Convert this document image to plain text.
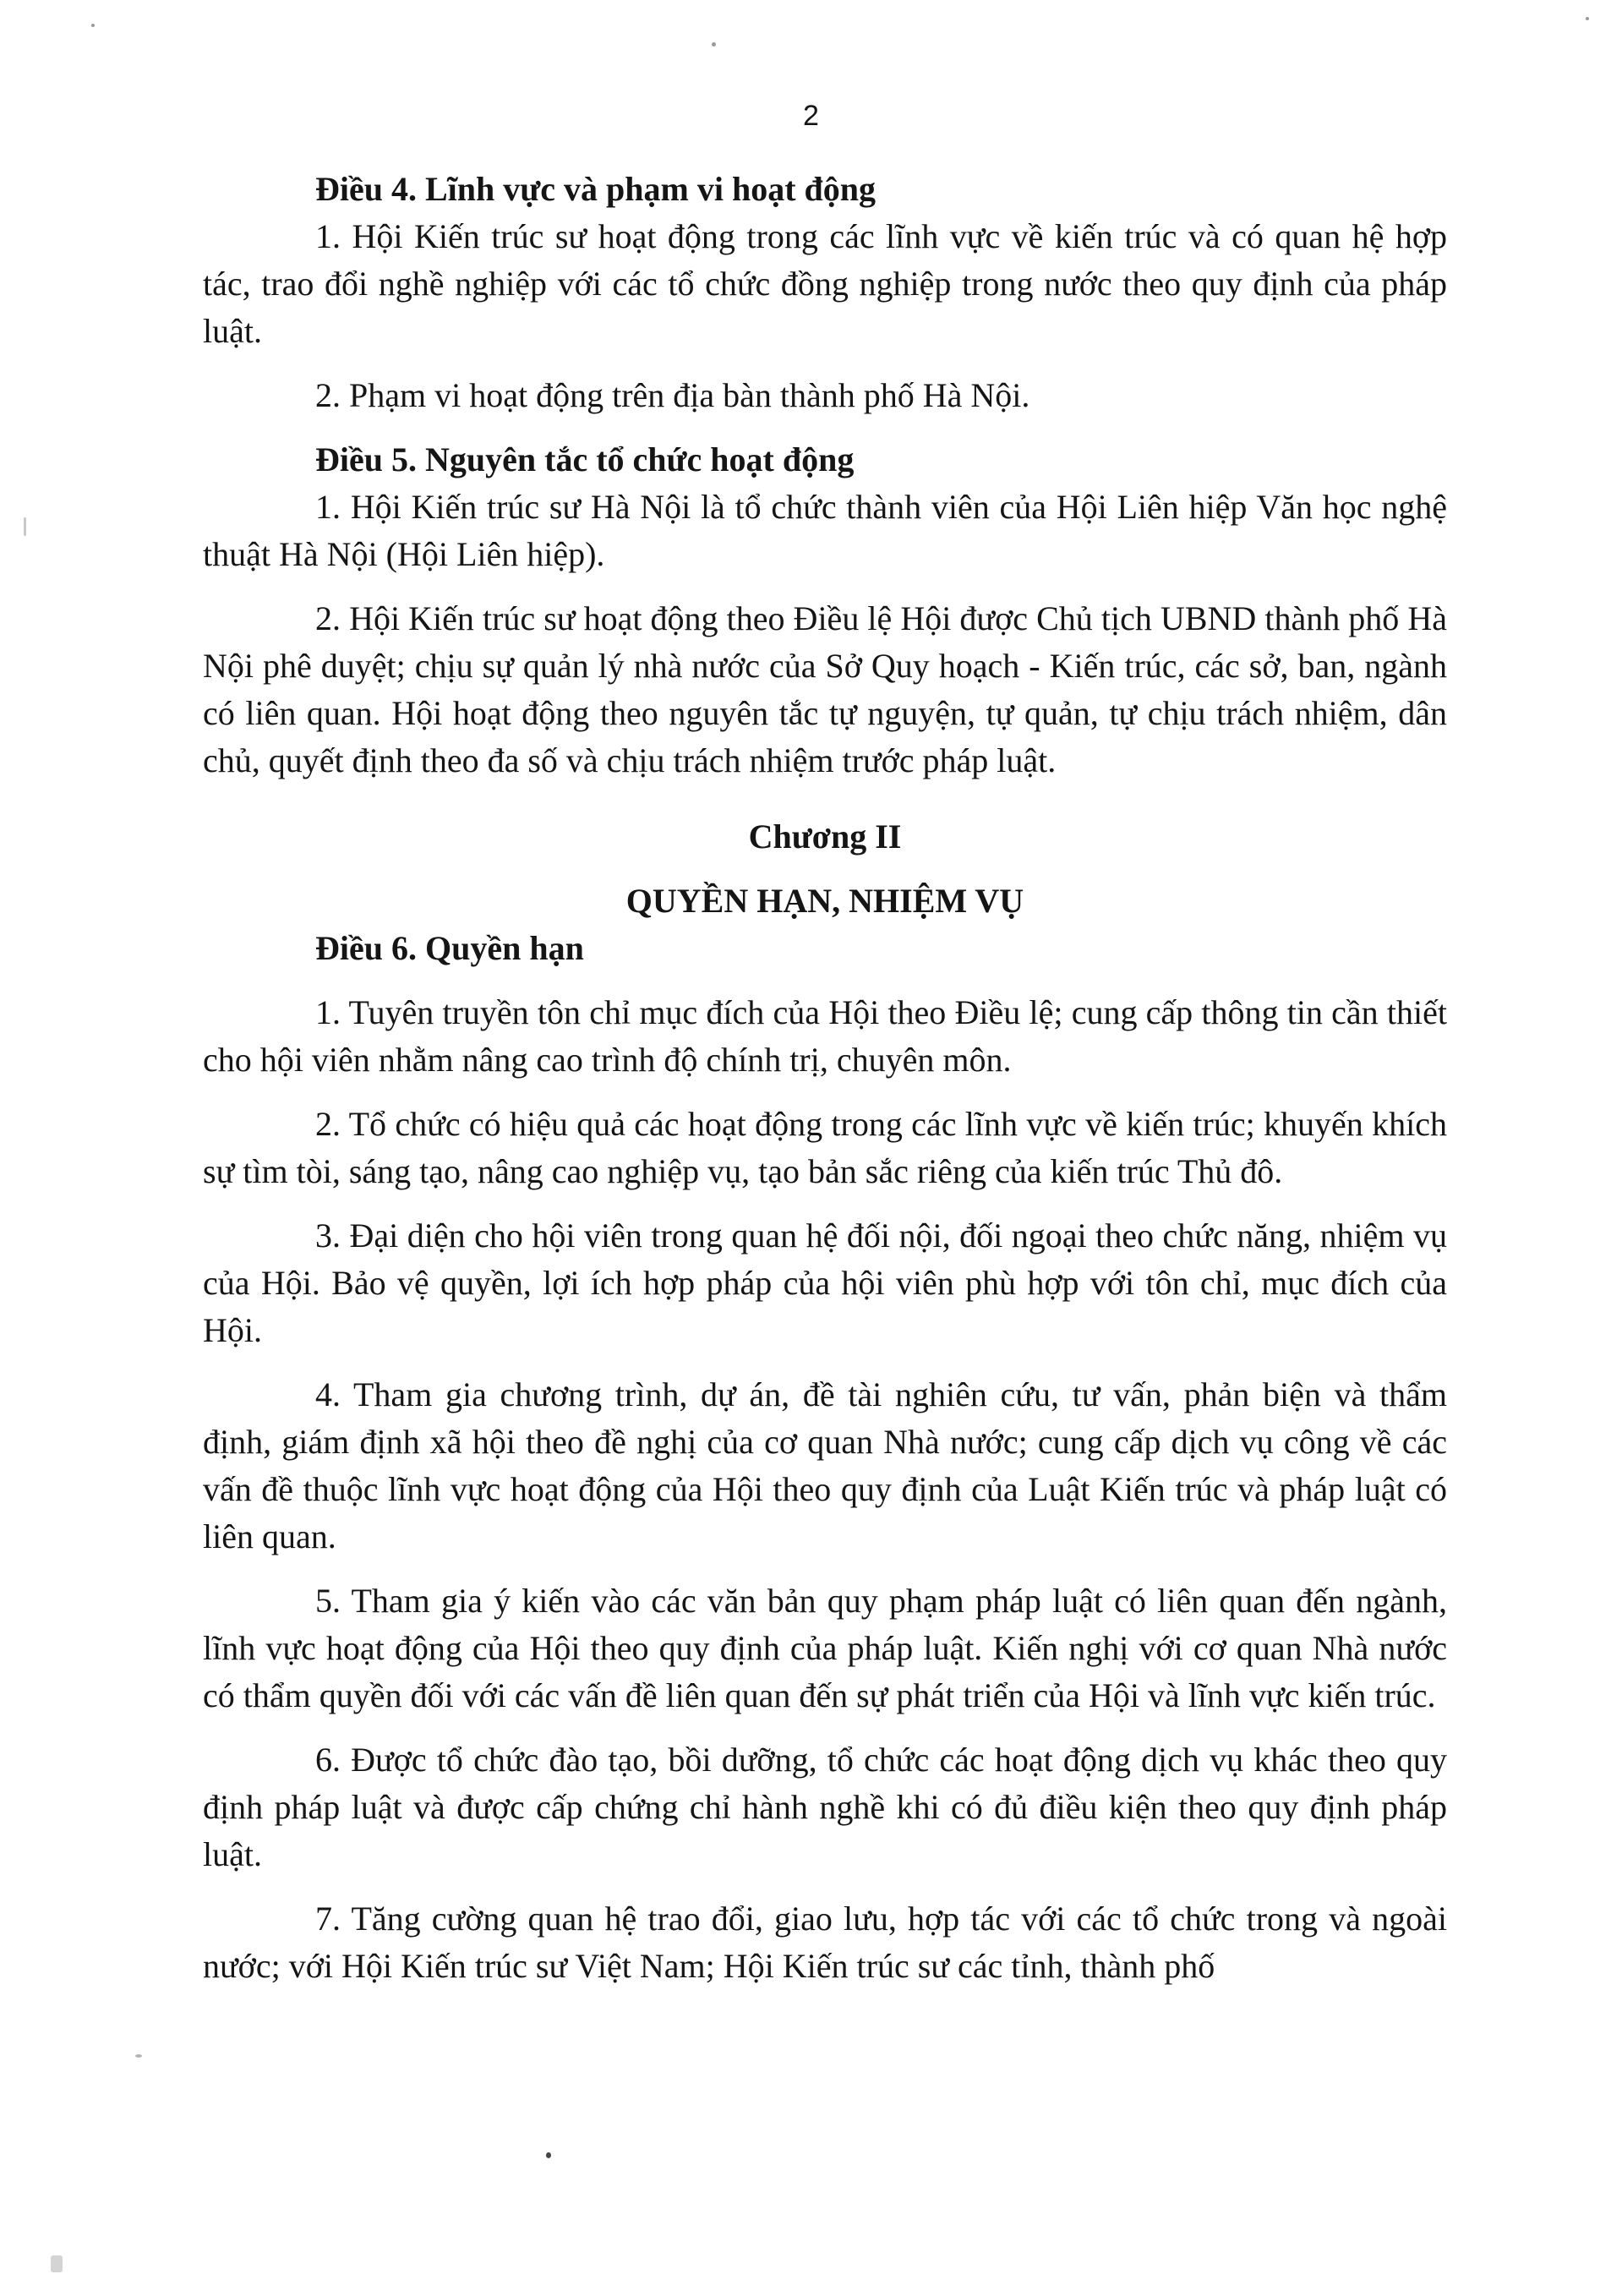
2

Điều 4. Lĩnh vực và phạm vi hoạt động

1. Hội Kiến trúc sư hoạt động trong các lĩnh vực về kiến trúc và có quan hệ hợp tác, trao đổi nghề nghiệp với các tổ chức đồng nghiệp trong nước theo quy định của pháp luật.

2. Phạm vi hoạt động trên địa bàn thành phố Hà Nội.

Điều 5. Nguyên tắc tổ chức hoạt động

1. Hội Kiến trúc sư Hà Nội là tổ chức thành viên của Hội Liên hiệp Văn học nghệ thuật Hà Nội (Hội Liên hiệp).

2. Hội Kiến trúc sư hoạt động theo Điều lệ Hội được Chủ tịch UBND thành phố Hà Nội phê duyệt; chịu sự quản lý nhà nước của Sở Quy hoạch - Kiến trúc, các sở, ban, ngành có liên quan. Hội hoạt động theo nguyên tắc tự nguyện, tự quản, tự chịu trách nhiệm, dân chủ, quyết định theo đa số và chịu trách nhiệm trước pháp luật.

Chương II

QUYỀN HẠN, NHIỆM VỤ

Điều 6. Quyền hạn

1. Tuyên truyền tôn chỉ mục đích của Hội theo Điều lệ; cung cấp thông tin cần thiết cho hội viên nhằm nâng cao trình độ chính trị, chuyên môn.

2. Tổ chức có hiệu quả các hoạt động trong các lĩnh vực về kiến trúc; khuyến khích sự tìm tòi, sáng tạo, nâng cao nghiệp vụ, tạo bản sắc riêng của kiến trúc Thủ đô.

3. Đại diện cho hội viên trong quan hệ đối nội, đối ngoại theo chức năng, nhiệm vụ của Hội. Bảo vệ quyền, lợi ích hợp pháp của hội viên phù hợp với tôn chỉ, mục đích của Hội.

4. Tham gia chương trình, dự án, đề tài nghiên cứu, tư vấn, phản biện và thẩm định, giám định xã hội theo đề nghị của cơ quan Nhà nước; cung cấp dịch vụ công về các vấn đề thuộc lĩnh vực hoạt động của Hội theo quy định của Luật Kiến trúc và pháp luật có liên quan.

5. Tham gia ý kiến vào các văn bản quy phạm pháp luật có liên quan đến ngành, lĩnh vực hoạt động của Hội theo quy định của pháp luật. Kiến nghị với cơ quan Nhà nước có thẩm quyền đối với các vấn đề liên quan đến sự phát triển của Hội và lĩnh vực kiến trúc.

6. Được tổ chức đào tạo, bồi dưỡng, tổ chức các hoạt động dịch vụ khác theo quy định pháp luật và được cấp chứng chỉ hành nghề khi có đủ điều kiện theo quy định pháp luật.

7. Tăng cường quan hệ trao đổi, giao lưu, hợp tác với các tổ chức trong và ngoài nước; với Hội Kiến trúc sư Việt Nam; Hội Kiến trúc sư các tỉnh, thành phố
